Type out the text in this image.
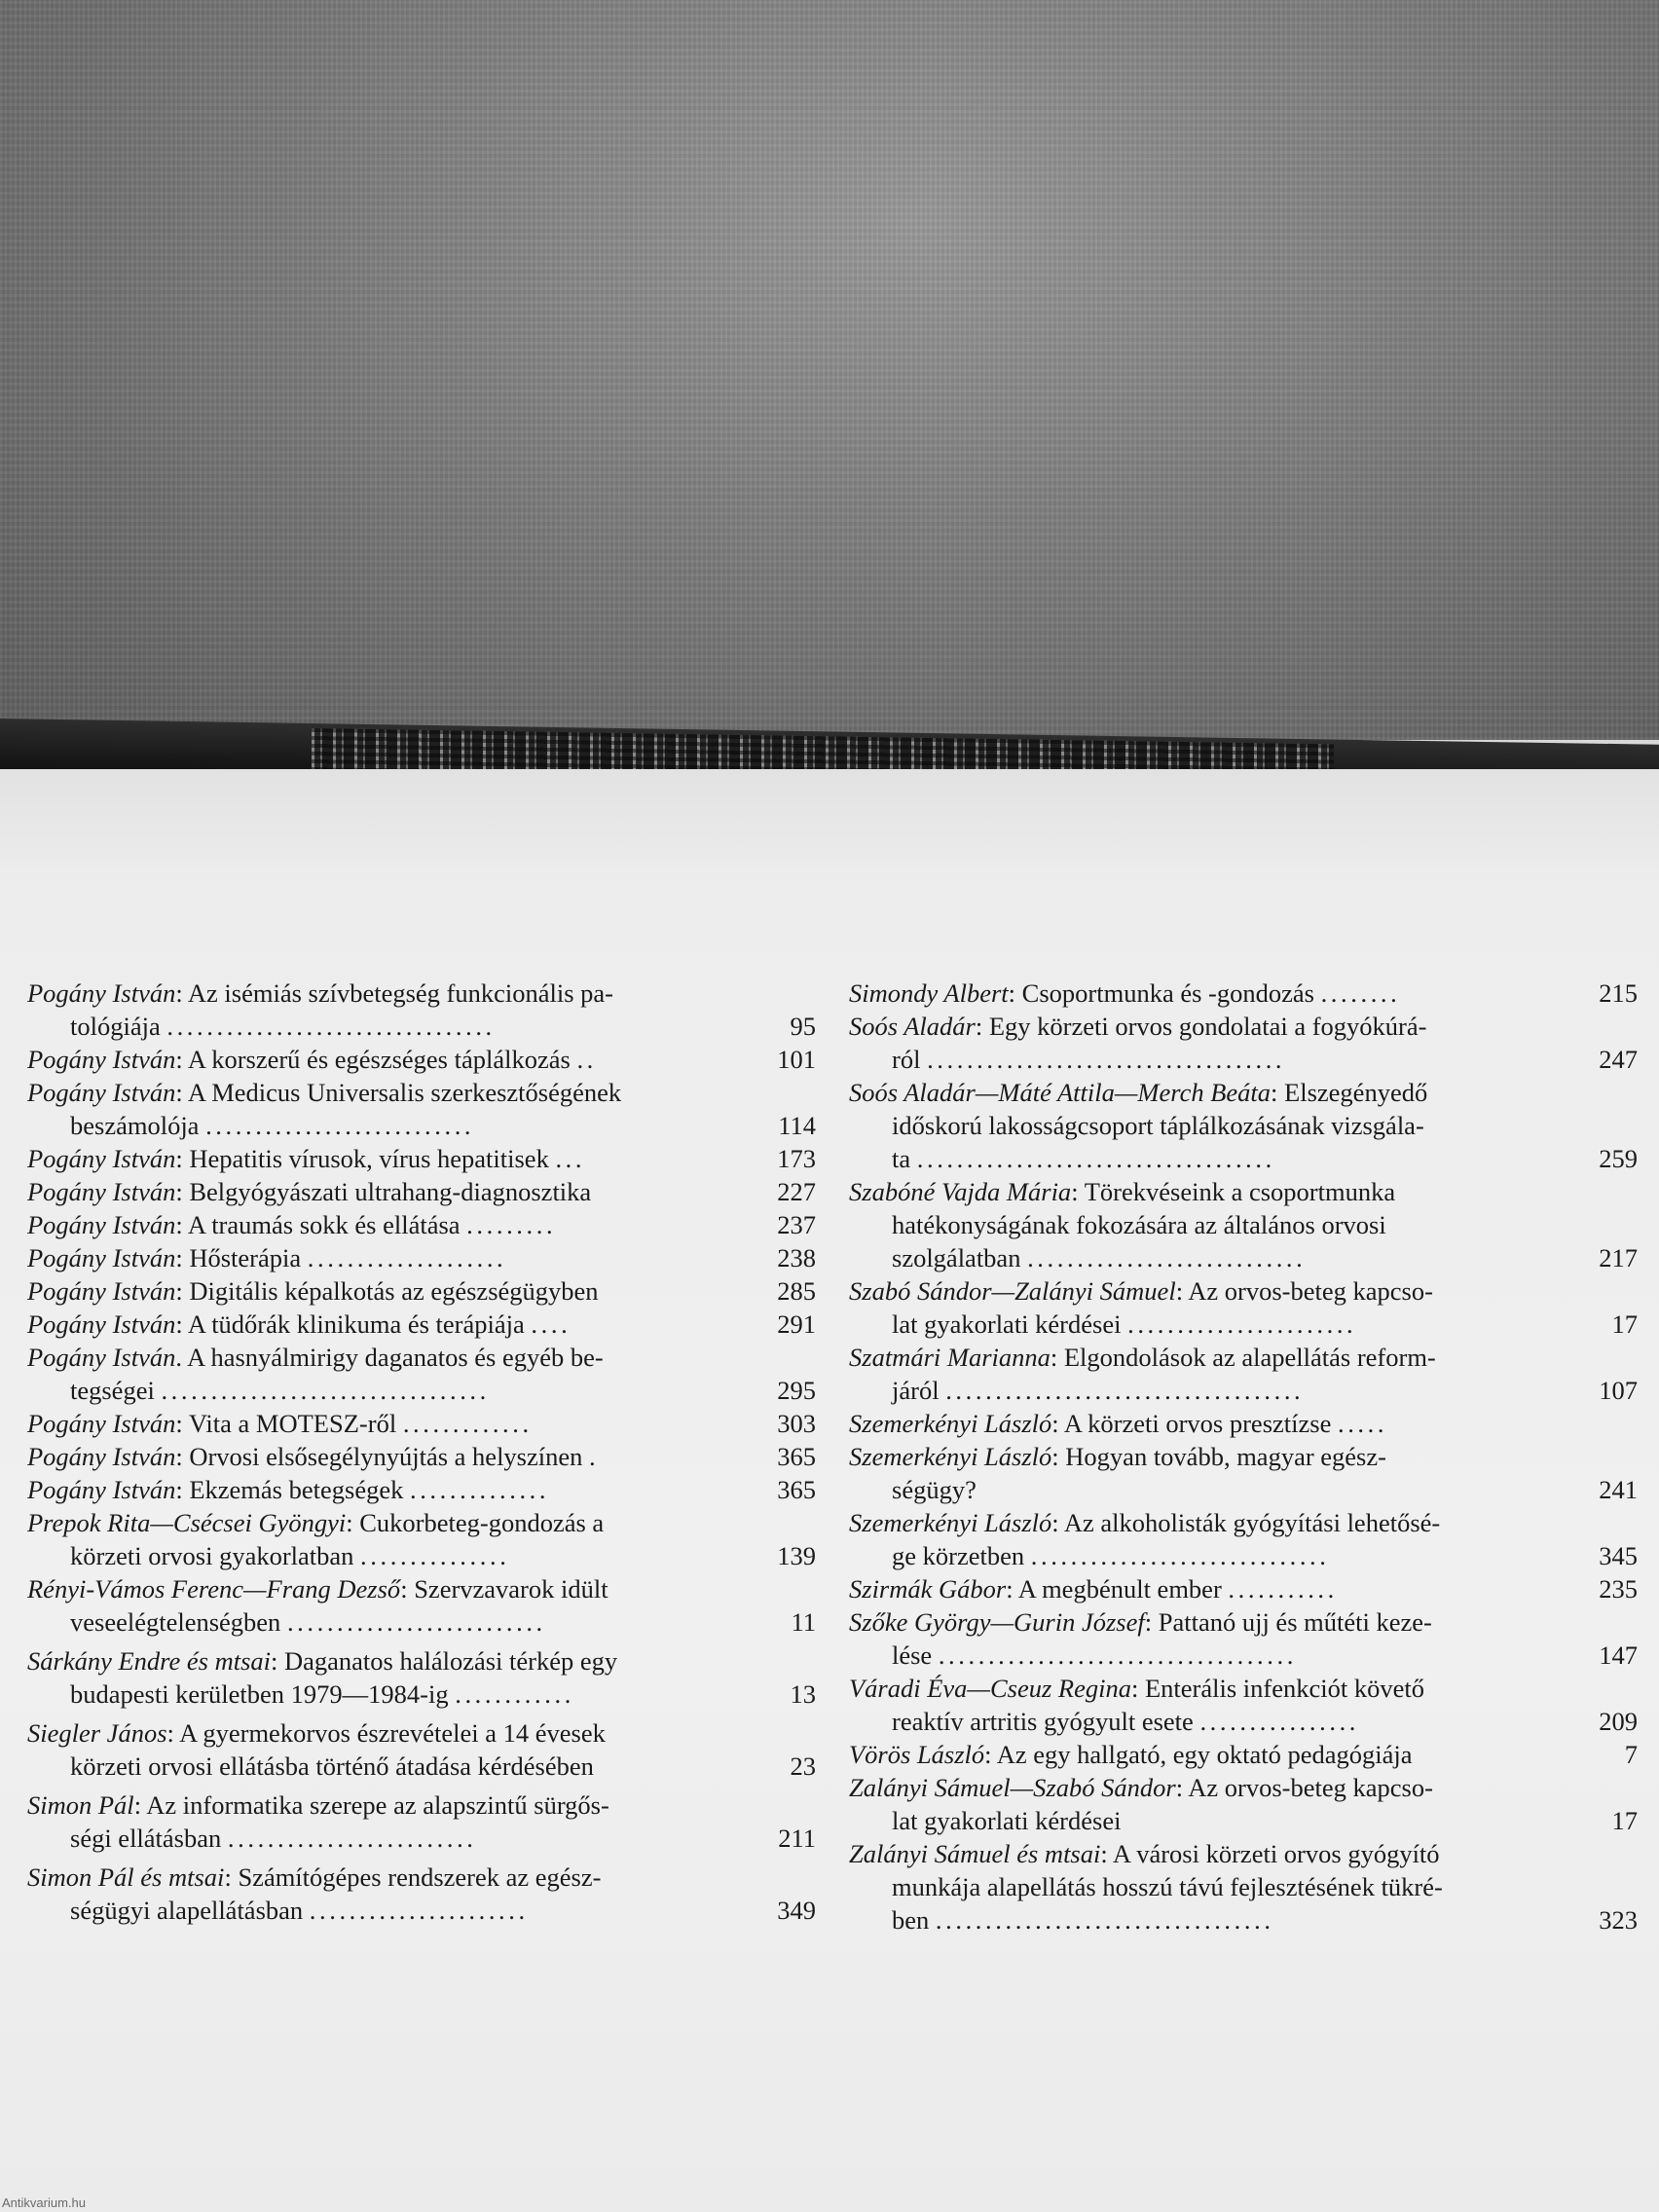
Pogány István: Az isémiás szívbetegség funkcionális pa-
tológiája .................................	95
Pogány István: A korszerű és egészséges táplálkozás ..	101
Pogány István: A Medicus Universalis szerkesztőségének
beszámolója ...........................	114
Pogány István: Hepatitis vírusok, vírus hepatitisek ...	173
Pogány István: Belgyógyászati ultrahang-diagnosztika	227
Pogány István: A traumás sokk és ellátása .........	237
Pogány István: Hősterápia ....................	238
Pogány István: Digitális képalkotás az egészségügyben	285
Pogány István: A tüdőrák klinikuma és terápiája ....	291
Pogány István. A hasnyálmirigy daganatos és egyéb be-
tegségei .................................	295
Pogány István: Vita a MOTESZ-ről .............	303
Pogány István: Orvosi elsősegélynyújtás a helyszínen .	365
Pogány István: Ekzemás betegségek ..............	365
Prepok Rita—Csécsei Gyöngyi: Cukorbeteg-gondozás a
körzeti orvosi gyakorlatban ...............	139
Rényi-Vámos Ferenc—Frang Dezső: Szervzavarok idült
veseelégtelenségben ..........................	11
Sárkány Endre és mtsai: Daganatos halálozási térkép egy
budapesti kerületben 1979—1984-ig ............	13
Siegler János: A gyermekorvos észrevételei a 14 évesek
körzeti orvosi ellátásba történő átadása kérdésében	23
Simon Pál: Az informatika szerepe az alapszintű sürgős-
ségi ellátásban .........................	211
Simon Pál és mtsai: Számítógépes rendszerek az egész-
ségügyi alapellátásban ......................	349
Simondy Albert: Csoportmunka és -gondozás ........	215
Soós Aladár: Egy körzeti orvos gondolatai a fogyókúrá-
ról ....................................	247
Soós Aladár—Máté Attila—Merch Beáta: Elszegényedő
időskorú lakosságcsoport táplálkozásának vizsgála-
ta ....................................	259
Szabóné Vajda Mária: Törekvéseink a csoportmunka
hatékonyságának fokozására az általános orvosi
szolgálatban ............................	217
Szabó Sándor—Zalányi Sámuel: Az orvos-beteg kapcso-
lat gyakorlati kérdései .......................	17
Szatmári Marianna: Elgondolások az alapellátás reform-
járól ....................................	107
Szemerkényi László: A körzeti orvos presztízse .....
Szemerkényi László: Hogyan tovább, magyar egész-
ségügy?	241
Szemerkényi László: Az alkoholisták gyógyítási lehetősé-
ge körzetben ..............................	345
Szirmák Gábor: A megbénult ember ...........	235
Szőke György—Gurin József: Pattanó ujj és műtéti keze-
lése ....................................	147
Váradi Éva—Cseuz Regina: Enterális infenkciót követő
reaktív artritis gyógyult esete ................	209
Vörös László: Az egy hallgató, egy oktató pedagógiája	7
Zalányi Sámuel—Szabó Sándor: Az orvos-beteg kapcso-
lat gyakorlati kérdései	17
Zalányi Sámuel és mtsai: A városi körzeti orvos gyógyító
munkája alapellátás hosszú távú fejlesztésének tükré-
ben ..................................	323
Antikvarium.hu
